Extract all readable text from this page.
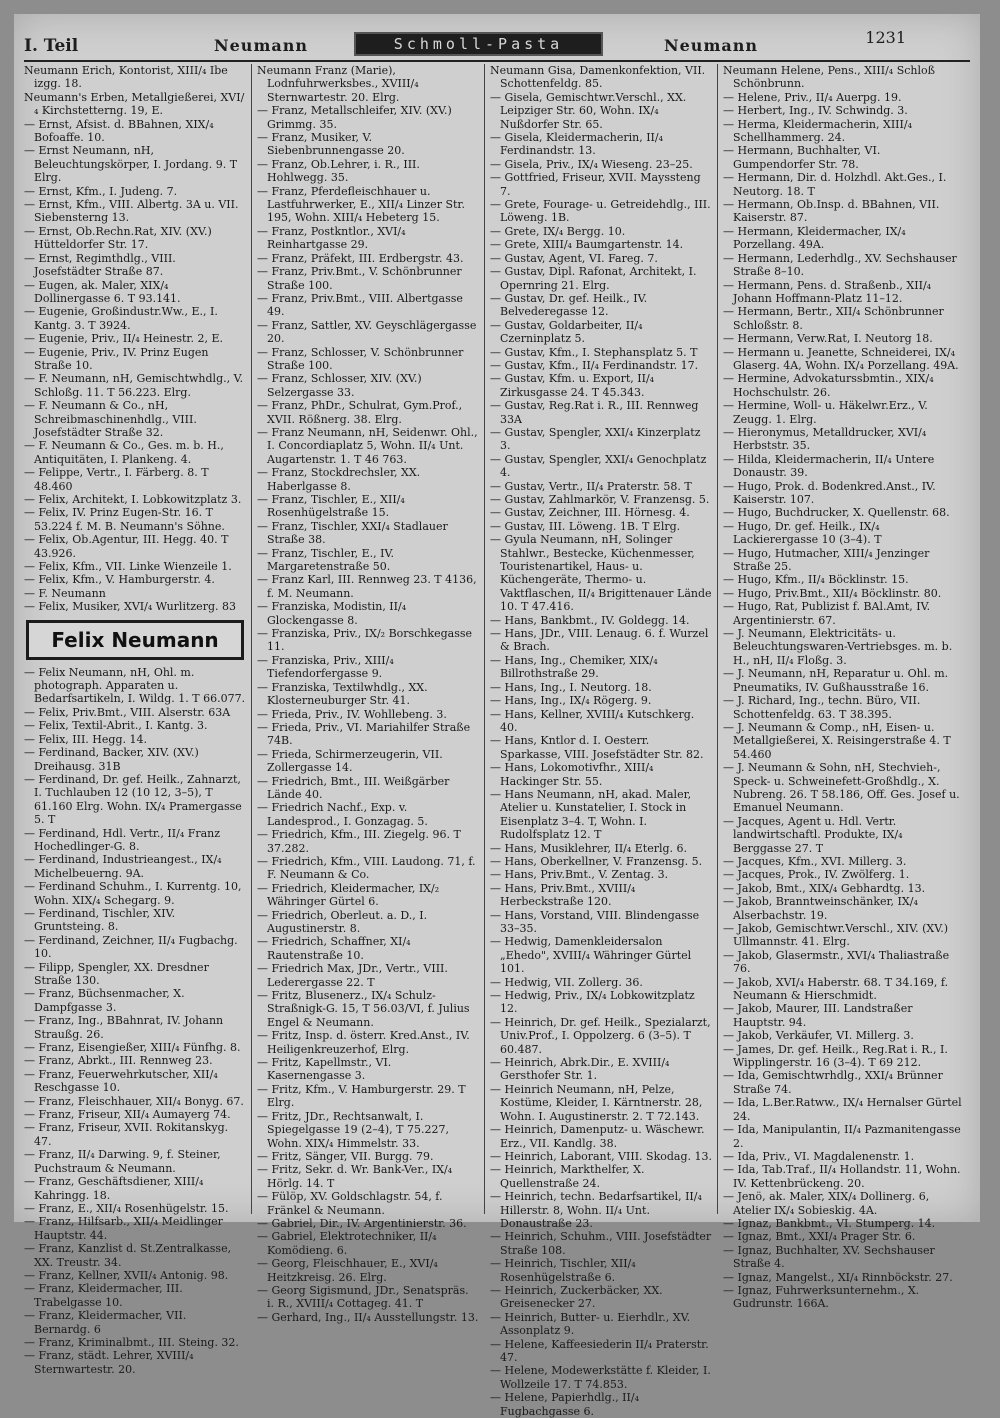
I. Teil	Neumann	Schmoll-Pasta	Neumann	1231

Neumann Erich, Kontorist, XIII/₄ Ibe izgg. 18.

Neumann's Erben, Metallgießerei, XVI/₄ Kirchstetterng. 19, E.

— Ernst, Afsist. d. BBahnen, XIX/₄ Bofoaffe. 10.

— Ernst Neumann, nH, Beleuchtungskörper, I. Jordang. 9. T Elrg.

— Ernst, Kfm., I. Judeng. 7.

— Ernst, Kfm., VIII. Albertg. 3A u. VII. Siebensterng 13.

— Ernst, Ob.Rechn.Rat, XIV. (XV.) Hütteldorfer Str. 17.

— Ernst, Regimthdlg., VIII. Josefstädter Straße 87.

— Eugen, ak. Maler, XIX/₄ Dollinergasse 6. T 93.141.

— Eugenie, Großindustr.Ww., E., I. Kantg. 3. T 3924.

— Eugenie, Priv., II/₄ Heinestr. 2, E.

— Eugenie, Priv., IV. Prinz Eugen Straße 10.

— F. Neumann, nH, Gemischtwhdlg., V. Schloßg. 11. T 56.223. Elrg.

— F. Neumann & Co., nH, Schreibmaschinenhdlg., VIII. Josefstädter Straße 32.

— F. Neumann & Co., Ges. m. b. H., Antiquitäten, I. Plankeng. 4.

— Felippe, Vertr., I. Färberg. 8. T 48.460

— Felix, Architekt, I. Lobkowitzplatz 3.

— Felix, IV. Prinz Eugen-Str. 16. T 53.224 f. M. B. Neumann's Söhne.

— Felix, Ob.Agentur, III. Hegg. 40. T 43.926.

— Felix, Kfm., VII. Linke Wienzeile 1.

— Felix, Kfm., V. Hamburgerstr. 4.

— F. Neumann

— Felix, Musiker, XVI/₄ Wurlitzerg. 83

Felix Neumann

— Felix Neumann, nH, Ohl. m. photograph. Apparaten u. Bedarfsartikeln, I. Wildg. 1. T 66.077.

— Felix, Priv.Bmt., VIII. Alserstr. 63A

— Felix, Textil-Abrit., I. Kantg. 3.

— Felix, III. Hegg. 14.

— Ferdinand, Backer, XIV. (XV.) Dreihausg. 31B

— Ferdinand, Dr. gef. Heilk., Zahnarzt, I. Tuchlauben 12 (10 12, 3–5), T 61.160 Elrg. Wohn. IX/₄ Pramergasse 5. T

— Ferdinand, Hdl. Vertr., II/₄ Franz Hochedlinger-G. 8.

— Ferdinand, Industrieangest., IX/₄ Michelbeuerng. 9A.

— Ferdinand Schuhm., I. Kurrentg. 10, Wohn. XIX/₄ Schegarg. 9.

— Ferdinand, Tischler, XIV. Gruntsteing. 8.

— Ferdinand, Zeichner, II/₄ Fugbachg. 10.

— Filipp, Spengler, XX. Dresdner Straße 130.

— Franz, Büchsenmacher, X. Dampfgasse 3.

— Franz, Ing., BBahnrat, IV. Johann Straußg. 26.

— Franz, Eisengießer, XIII/₄ Fünfhg. 8.

— Franz, Abrkt., III. Rennweg 23.

— Franz, Feuerwehrkutscher, XII/₄ Reschgasse 10.

— Franz, Fleischhauer, XII/₄ Bonyg. 67.

— Franz, Friseur, XII/₄ Aumayerg 74.

— Franz, Friseur, XVII. Rokitanskyg. 47.

— Franz, II/₄ Darwing. 9, f. Steiner, Puchstraum & Neumann.

— Franz, Geschäftsdiener, XIII/₄ Kahringg. 18.

— Franz, E., XII/₄ Rosenhügelstr. 15.

— Franz, Hilfsarb., XII/₄ Meidlinger Hauptstr. 44.

— Franz, Kanzlist d. St.Zentralkasse, XX. Treustr. 34.

— Franz, Kellner, XVII/₄ Antonig. 98.

— Franz, Kleidermacher, III. Trabelgasse 10.

— Franz, Kleidermacher, VII. Bernardg. 6

— Franz, Kriminalbmt., III. Steing. 32.

— Franz, städt. Lehrer, XVIII/₄ Sternwartestr. 20.

Neumann Franz (Marie), Lodnfuhrwerksbes., XVIII/₄ Sternwartestr. 20. Elrg.

— Franz, Metallschleifer, XIV. (XV.) Grimmg. 35.

— Franz, Musiker, V. Siebenbrunnengasse 20.

— Franz, Ob.Lehrer, i. R., III. Hohlwegg. 35.

— Franz, Pferdefleischhauer u. Lastfuhrwerker, E., XII/₄ Linzer Str. 195, Wohn. XIII/₄ Hebeterg 15.

— Franz, Postkntlor., XVI/₄ Reinhartgasse 29.

— Franz, Präfekt, III. Erdbergstr. 43.

— Franz, Priv.Bmt., V. Schönbrunner Straße 100.

— Franz, Priv.Bmt., VIII. Albertgasse 49.

— Franz, Sattler, XV. Geyschlägergasse 20.

— Franz, Schlosser, V. Schönbrunner Straße 100.

— Franz, Schlosser, XIV. (XV.) Selzergasse 33.

— Franz, PhDr., Schulrat, Gym.Prof., XVII. Rößnerg. 38. Elrg.

— Franz Neumann, nH, Seidenwr. Ohl., I. Concordiaplatz 5, Wohn. II/₄ Unt. Augartenstr. 1. T 46 763.

— Franz, Stockdrechsler, XX. Haberlgasse 8.

— Franz, Tischler, E., XII/₄ Rosenhügelstraße 15.

— Franz, Tischler, XXI/₄ Stadlauer Straße 38.

— Franz, Tischler, E., IV. Margaretenstraße 50.

— Franz Karl, III. Rennweg 23. T 4136, f. M. Neumann.

— Franziska, Modistin, II/₄ Glockengasse 8.

— Franziska, Priv., IX/₂ Borschkegasse 11.

— Franziska, Priv., XIII/₄ Tiefendorfergasse 9.

— Franziska, Textilwhdlg., XX. Klosterneuburger Str. 41.

— Frieda, Priv., IV. Wohllebeng. 3.

— Frieda, Priv., VI. Mariahilfer Straße 74B.

— Frieda, Schirmerzeugerin, VII. Zollergasse 14.

— Friedrich, Bmt., III. Weißgärber Lände 40.

— Friedrich Nachf., Exp. v. Landesprod., I. Gonzagag. 5.

— Friedrich, Kfm., III. Ziegelg. 96. T 37.282.

— Friedrich, Kfm., VIII. Laudong. 71, f. F. Neumann & Co.

— Friedrich, Kleidermacher, IX/₂ Währinger Gürtel 6.

— Friedrich, Oberleut. a. D., I. Augustinerstr. 8.

— Friedrich, Schaffner, XI/₄ Rautenstraße 10.

— Friedrich Max, JDr., Vertr., VIII. Lederergasse 22. T

— Fritz, Blusenerz., IX/₄ Schulz-Straßnigk-G. 15, T 56.03/VI, f. Julius Engel & Neumann.

— Fritz, Insp. d. österr. Kred.Anst., IV. Heiligenkreuzerhof, Elrg.

— Fritz, Kapellmstr., VI. Kasernengasse 3.

— Fritz, Kfm., V. Hamburgerstr. 29. T Elrg.

— Fritz, JDr., Rechtsanwalt, I. Spiegelgasse 19 (2–4), T 75.227, Wohn. XIX/₄ Himmelstr. 33.

— Fritz, Sänger, VII. Burgg. 79.

— Fritz, Sekr. d. Wr. Bank-Ver., IX/₄ Hörlg. 14. T

— Fülöp, XV. Goldschlagstr. 54, f. Fränkel & Neumann.

— Gabriel, Dir., IV. Argentinierstr. 36.

— Gabriel, Elektrotechniker, II/₄ Komödieng. 6.

— Georg, Fleischhauer, E., XVI/₄ Heitzkreisg. 26. Elrg.

— Georg Sigismund, JDr., Senatspräs. i. R., XVIII/₄ Cottageg. 41. T

— Gerhard, Ing., II/₄ Ausstellungstr. 13.

Neumann Gisa, Damenkonfektion, VII. Schottenfeldg. 85.

— Gisela, Gemischtwr.Verschl., XX. Leipziger Str. 60, Wohn. IX/₄ Nußdorfer Str. 65.

— Gisela, Kleidermacherin, II/₄ Ferdinandstr. 13.

— Gisela, Priv., IX/₄ Wieseng. 23–25.

— Gottfried, Friseur, XVII. Mayssteng 7.

— Grete, Fourage- u. Getreidehdlg., III. Löweng. 1B.

— Grete, IX/₄ Bergg. 10.

— Grete, XIII/₄ Baumgartenstr. 14.

— Gustav, Agent, VI. Fareg. 7.

— Gustav, Dipl. Rafonat, Architekt, I. Opernring 21. Elrg.

— Gustav, Dr. gef. Heilk., IV. Belvederegasse 12.

— Gustav, Goldarbeiter, II/₄ Czerninplatz 5.

— Gustav, Kfm., I. Stephansplatz 5. T

— Gustav, Kfm., II/₄ Ferdinandstr. 17.

— Gustav, Kfm. u. Export, II/₄ Zirkusgasse 24. T 45.343.

— Gustav, Reg.Rat i. R., III. Rennweg 33A

— Gustav, Spengler, XXI/₄ Kinzerplatz 3.

— Gustav, Spengler, XXI/₄ Genochplatz 4.

— Gustav, Vertr., II/₄ Praterstr. 58. T

— Gustav, Zahlmarkör, V. Franzensg. 5.

— Gustav, Zeichner, III. Hörnesg. 4.

— Gustav, III. Löweng. 1B. T Elrg.

— Gyula Neumann, nH, Solinger Stahlwr., Bestecke, Küchenmesser, Touristenartikel, Haus- u. Küchengeräte, Thermo- u. Vaktflaschen, II/₄ Brigittenauer Lände 10. T 47.416.

— Hans, Bankbmt., IV. Goldegg. 14.

— Hans, JDr., VIII. Lenaug. 6. f. Wurzel & Brach.

— Hans, Ing., Chemiker, XIX/₄ Billrothstraße 29.

— Hans, Ing., I. Neutorg. 18.

— Hans, Ing., IX/₄ Rögerg. 9.

— Hans, Kellner, XVIII/₄ Kutschkerg. 40.

— Hans, Kntlor d. I. Oesterr. Sparkasse, VIII. Josefstädter Str. 82.

— Hans, Lokomotivfhr., XIII/₄ Hackinger Str. 55.

— Hans Neumann, nH, akad. Maler, Atelier u. Kunstatelier, I. Stock in Eisenplatz 3–4. T, Wohn. I. Rudolfsplatz 12. T

— Hans, Musiklehrer, II/₄ Eterlg. 6.

— Hans, Oberkellner, V. Franzensg. 5.

— Hans, Priv.Bmt., V. Zentag. 3.

— Hans, Priv.Bmt., XVIII/₄ Herbeckstraße 120.

— Hans, Vorstand, VIII. Blindengasse 33–35.

— Hedwig, Damenkleidersalon „Ehedo", XVIII/₄ Währinger Gürtel 101.

— Hedwig, VII. Zollerg. 36.

— Hedwig, Priv., IX/₄ Lobkowitzplatz 12.

— Heinrich, Dr. gef. Heilk., Spezialarzt, Univ.Prof., I. Oppolzerg. 6 (3–5). T 60.487.

— Heinrich, Abrk.Dir., E. XVIII/₄ Gersthofer Str. 1.

— Heinrich Neumann, nH, Pelze, Kostüme, Kleider, I. Kärntnerstr. 28, Wohn. I. Augustinerstr. 2. T 72.143.

— Heinrich, Damenputz- u. Wäschewr. Erz., VII. Kandlg. 38.

— Heinrich, Laborant, VIII. Skodag. 13.

— Heinrich, Markthelfer, X. Quellenstraße 24.

— Heinrich, techn. Bedarfsartikel, II/₄ Hillerstr. 8, Wohn. II/₄ Unt. Donaustraße 23.

— Heinrich, Schuhm., VIII. Josefstädter Straße 108.

— Heinrich, Tischler, XII/₄ Rosenhügelstraße 6.

— Heinrich, Zuckerbäcker, XX. Greisenecker 27.

— Heinrich, Butter- u. Eierhdlr., XV. Assonplatz 9.

— Helene, Kaffeesiederin II/₄ Praterstr. 47.

— Helene, Modewerkstätte f. Kleider, I. Wollzeile 17. T 74.853.

— Helene, Papierhdlg., II/₄ Fugbachgasse 6.

Neumann Helene, Pens., XIII/₄ Schloß Schönbrunn.

— Helene, Priv., II/₄ Auerpg. 19.

— Herbert, Ing., IV. Schwindg. 3.

— Herma, Kleidermacherin, XIII/₄ Schellhammerg. 24.

— Hermann, Buchhalter, VI. Gumpendorfer Str. 78.

— Hermann, Dir. d. Holzhdl. Akt.Ges., I. Neutorg. 18. T

— Hermann, Ob.Insp. d. BBahnen, VII. Kaiserstr. 87.

— Hermann, Kleidermacher, IX/₄ Porzellang. 49A.

— Hermann, Lederhdlg., XV. Sechshauser Straße 8–10.

— Hermann, Pens. d. Straßenb., XII/₄ Johann Hoffmann-Platz 11–12.

— Hermann, Bertr., XII/₄ Schönbrunner Schloßstr. 8.

— Hermann, Verw.Rat, I. Neutorg 18.

— Hermann u. Jeanette, Schneiderei, IX/₄ Glaserg. 4A, Wohn. IX/₄ Porzellang. 49A.

— Hermine, Advokaturssbmtin., XIX/₄ Hochschulstr. 26.

— Hermine, Woll- u. Häkelwr.Erz., V. Zeugg. 1. Elrg.

— Hieronymus, Metalldrucker, XVI/₄ Herbststr. 35.

— Hilda, Kleidermacherin, II/₄ Untere Donaustr. 39.

— Hugo, Prok. d. Bodenkred.Anst., IV. Kaiserstr. 107.

— Hugo, Buchdrucker, X. Quellenstr. 68.

— Hugo, Dr. gef. Heilk., IX/₄ Lackierergasse 10 (3–4). T

— Hugo, Hutmacher, XIII/₄ Jenzinger Straße 25.

— Hugo, Kfm., II/₄ Böcklinstr. 15.

— Hugo, Priv.Bmt., XII/₄ Böcklinstr. 80.

— Hugo, Rat, Publizist f. BAl.Amt, IV. Argentinierstr. 67.

— J. Neumann, Elektricitäts- u. Beleuchtungswaren-Vertriebsges. m. b. H., nH, II/₄ Floßg. 3.

— J. Neumann, nH, Reparatur u. Ohl. m. Pneumatiks, IV. Gußhausstraße 16.

— J. Richard, Ing., techn. Büro, VII. Schottenfeldg. 63. T 38.395.

— J. Neumann & Comp., nH, Eisen- u. Metallgießerei, X. Reisingerstraße 4. T 54.460

— J. Neumann & Sohn, nH, Stechvieh-, Speck- u. Schweinefett-Großhdlg., X. Nubreng. 26. T 58.186, Off. Ges. Josef u. Emanuel Neumann.

— Jacques, Agent u. Hdl. Vertr. landwirtschaftl. Produkte, IX/₄ Berggasse 27. T

— Jacques, Kfm., XVI. Millerg. 3.

— Jacques, Prok., IV. Zwölferg. 1.

— Jakob, Bmt., XIX/₄ Gebhardtg. 13.

— Jakob, Branntweinschänker, IX/₄ Alserbachstr. 19.

— Jakob, Gemischtwr.Verschl., XIV. (XV.) Ullmannstr. 41. Elrg.

— Jakob, Glasermstr., XVI/₄ Thaliastraße 76.

— Jakob, XVI/₄ Haberstr. 68. T 34.169, f. Neumann & Hierschmidt.

— Jakob, Maurer, III. Landstraßer Hauptstr. 94.

— Jakob, Verkäufer, VI. Millerg. 3.

— James, Dr. gef. Heilk., Reg.Rat i. R., I. Wipplingerstr. 16 (3–4). T 69 212.

— Ida, Gemischtwrhdlg., XXI/₄ Brünner Straße 74.

— Ida, L.Ber.Ratww., IX/₄ Hernalser Gürtel 24.

— Ida, Manipulantin, II/₄ Pazmanitengasse 2.

— Ida, Priv., VI. Magdalenenstr. 1.

— Ida, Tab.Traf., II/₄ Hollandstr. 11, Wohn. IV. Kettenbrückeng. 20.

— Jenö, ak. Maler, XIX/₄ Dollinerg. 6, Atelier IX/₄ Sobieskig. 4A.

— Ignaz, Bankbmt., VI. Stumperg. 14.

— Ignaz, Bmt., XXI/₄ Prager Str. 6.

— Ignaz, Buchhalter, XV. Sechshauser Straße 4.

— Ignaz, Mangelst., XI/₄ Rinnböckstr. 27.

— Ignaz, Fuhrwerksunternehm., X. Gudrunstr. 166A.
